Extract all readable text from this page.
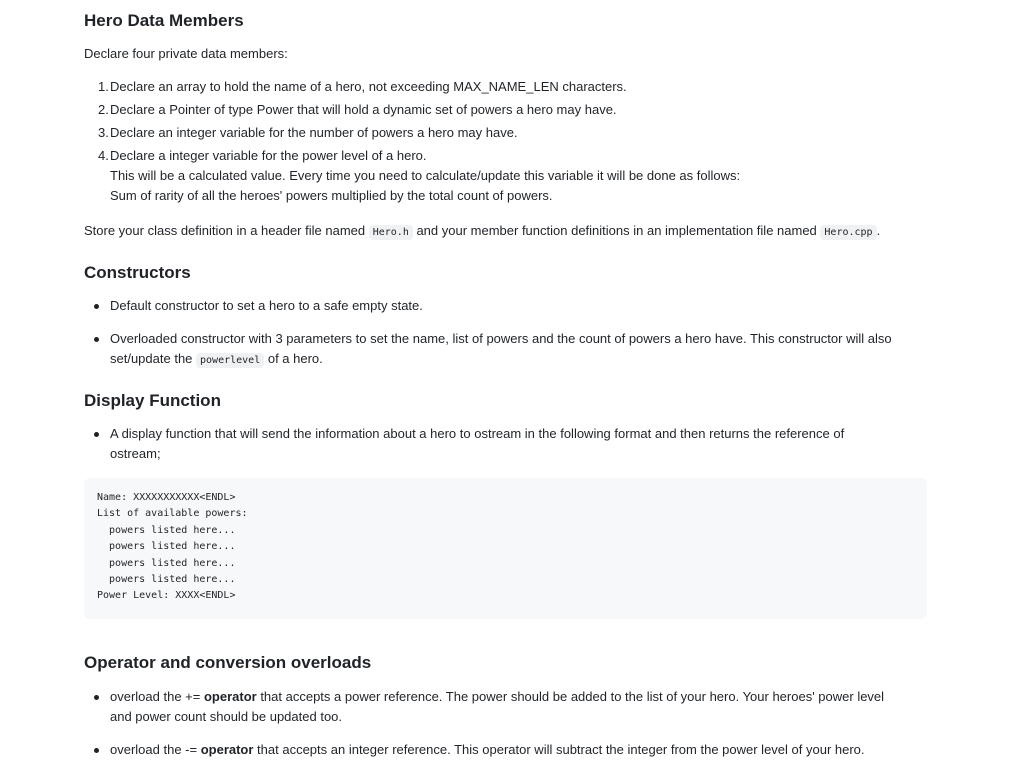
Hero Data Members
Declare four private data members:
1. Declare an array to hold the name of a hero, not exceeding MAX_NAME_LEN characters.
2. Declare a Pointer of type Power that will hold a dynamic set of powers a hero may have.
3. Declare an integer variable for the number of powers a hero may have.
4. Declare a integer variable for the power level of a hero.
This will be a calculated value. Every time you need to calculate/update this variable it will be done as follows:
Sum of rarity of all the heroes' powers multiplied by the total count of powers.
Store your class definition in a header file named Hero.h and your member function definitions in an implementation file named Hero.cpp .
Constructors
Default constructor to set a hero to a safe empty state.
Overloaded constructor with 3 parameters to set the name, list of powers and the count of powers a hero have. This constructor will also
set/update the powerlevel of a hero.
Display Function
A display function that will send the information about a hero to ostream in the following format and then returns the reference of
ostream;
Name: XXXXXXXXXXX<ENDL>
List of available powers:
powers listed here...
powers listed here...
powers listed here...
powers listed here...
Power Level: XXXX<ENDL>
Operator and conversion overloads
overload the += operator that accepts a power reference. The power should be added to the list of your hero. Your heroes' power level
and power count should be updated too.
overload the -= operator that accepts an integer reference. This operator will subtract the integer from the power level of your hero.
